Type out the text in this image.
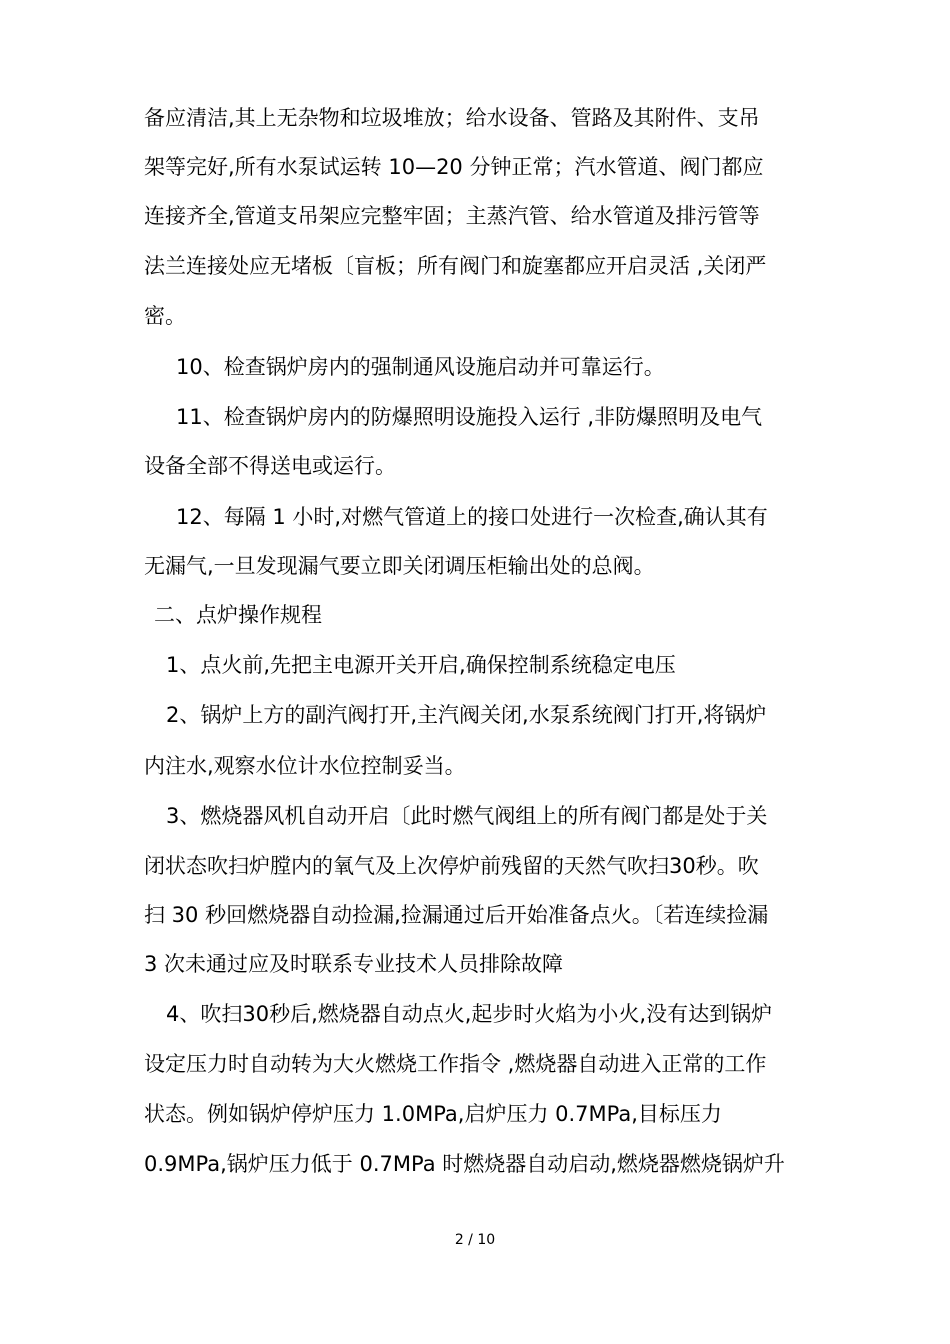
备应清洁,其上无杂物和垃圾堆放；给水设备、管路及其附件、支吊
架等完好,所有水泵试运转 10—20 分钟正常；汽水管道、阀门都应
连接齐全,管道支吊架应完整牢固；主蒸汽管、给水管道及排污管等
法兰连接处应无堵板〔盲板；所有阀门和旋塞都应开启灵活 ,关闭严
密。
10、检查锅炉房内的强制通风设施启动并可靠运行。
11、检查锅炉房内的防爆照明设施投入运行 ,非防爆照明及电气
设备全部不得送电或运行。
12、每隔 1 小时,对燃气管道上的接口处进行一次检查,确认其有
无漏气,一旦发现漏气要立即关闭调压柜输出处的总阀。
二、点炉操作规程
1、点火前,先把主电源开关开启,确保控制系统稳定电压
2、锅炉上方的副汽阀打开,主汽阀关闭,水泵系统阀门打开,将锅炉
内注水,观察水位计水位控制妥当。
3、燃烧器风机自动开启〔此时燃气阀组上的所有阀门都是处于关
闭状态吹扫炉膛内的氧气及上次停炉前残留的天然气吹扫30秒。吹
扫 30 秒回燃烧器自动捡漏,捡漏通过后开始准备点火。〔若连续捡漏
3 次未通过应及时联系专业技术人员排除故障
4、吹扫30秒后,燃烧器自动点火,起步时火焰为小火,没有达到锅炉
设定压力时自动转为大火燃烧工作指令 ,燃烧器自动进入正常的工作
状态。例如锅炉停炉压力 1.0MPa,启炉压力 0.7MPa,目标压力
0.9MPa,锅炉压力低于 0.7MPa 时燃烧器自动启动,燃烧器燃烧锅炉升
2 / 10
